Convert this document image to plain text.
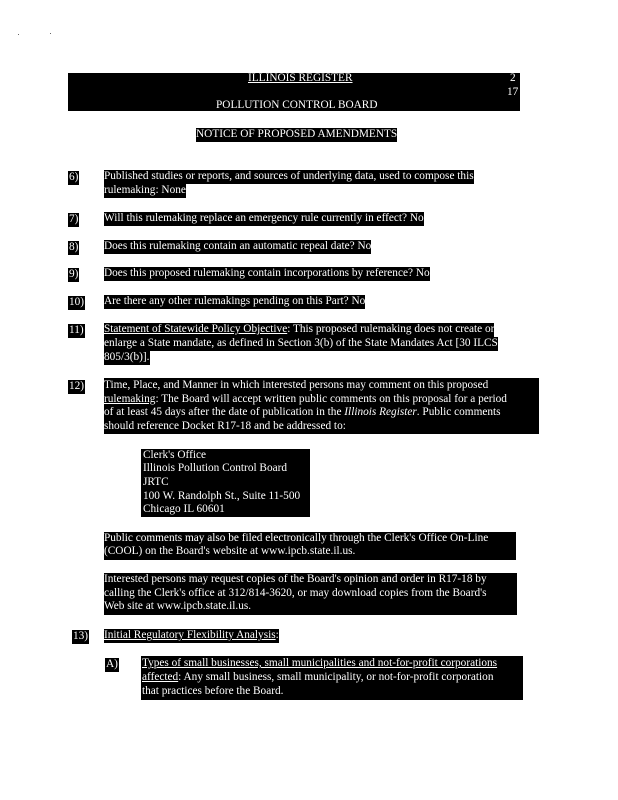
ILLINOIS REGISTER	2
17
POLLUTION CONTROL BOARD
NOTICE OF PROPOSED AMENDMENTS
6) Published studies or reports, and sources of underlying data, used to compose this
rulemaking: None
7) Will this rulemaking replace an emergency rule currently in effect? No
8) Does this rulemaking contain an automatic repeal date? No
9) Does this proposed rulemaking contain incorporations by reference? No
10) Are there any other rulemakings pending on this Part? No
11) Statement of Statewide Policy Objective: This proposed rulemaking does not create or
enlarge a State mandate, as defined in Section 3(b) of the State Mandates Act [30 ILCS
805/3(b)].
12) Time, Place, and Manner in which interested persons may comment on this proposed
rulemaking: The Board will accept written public comments on this proposal for a period
of at least 45 days after the date of publication in the Illinois Register. Public comments
should reference Docket R17-18 and be addressed to:
Clerk's Office
Illinois Pollution Control Board
JRTC
100 W. Randolph St., Suite 11-500
Chicago IL 60601
Public comments may also be filed electronically through the Clerk's Office On-Line
(COOL) on the Board's website at www.ipcb.state.il.us.
Interested persons may request copies of the Board's opinion and order in R17-18 by
calling the Clerk's office at 312/814-3620, or may download copies from the Board's
Web site at www.ipcb.state.il.us.
13) Initial Regulatory Flexibility Analysis:
A) Types of small businesses, small municipalities and not-for-profit corporations
affected: Any small business, small municipality, or not-for-profit corporation
that practices before the Board.
